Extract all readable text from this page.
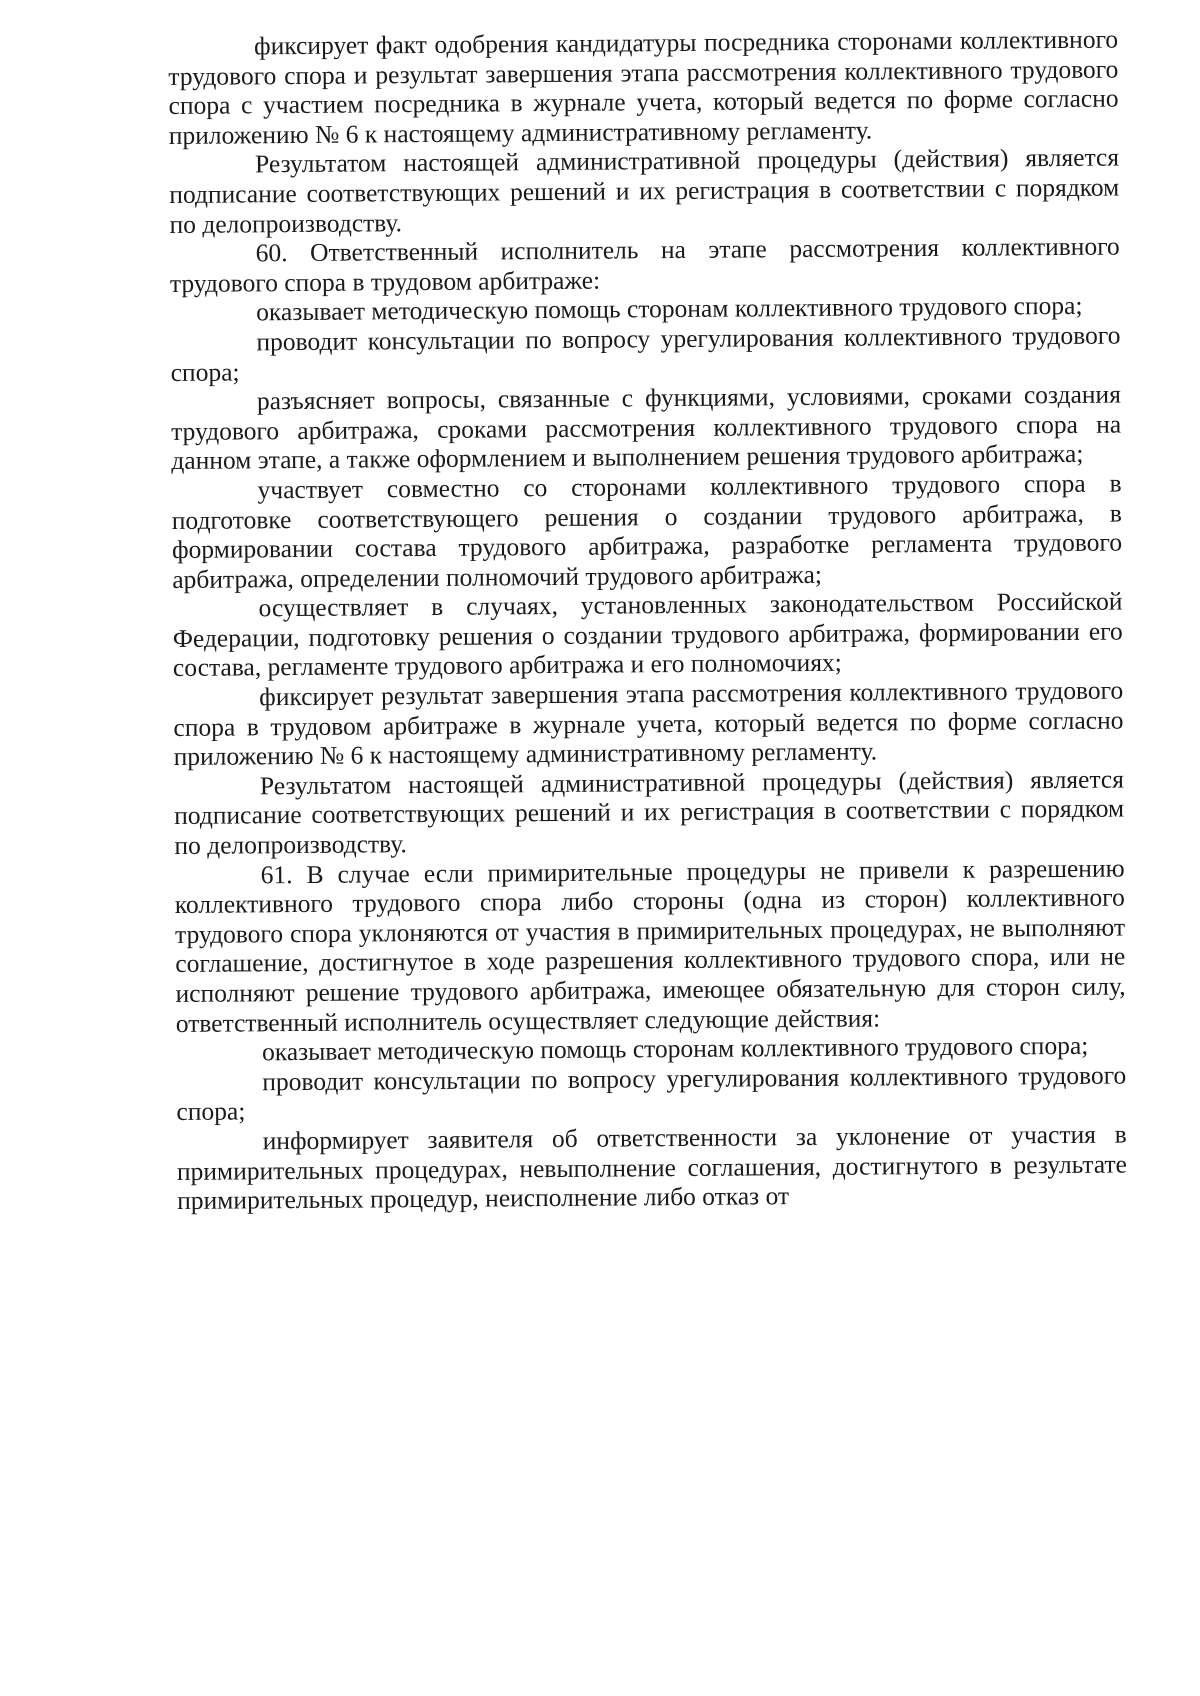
фиксирует факт одобрения кандидатуры посредника сторонами коллективного трудового спора и результат завершения этапа рассмотрения коллективного трудового спора с участием посредника в журнале учета, который ведется по форме согласно приложению № 6 к настоящему административному регламенту.

Результатом настоящей административной процедуры (действия) является подписание соответствующих решений и их регистрация в соответствии с порядком по делопроизводству.

60. Ответственный исполнитель на этапе рассмотрения коллективного трудового спора в трудовом арбитраже:

оказывает методическую помощь сторонам коллективного трудового спора;

проводит консультации по вопросу урегулирования коллективного трудового спора;

разъясняет вопросы, связанные с функциями, условиями, сроками создания трудового арбитража, сроками рассмотрения коллективного трудового спора на данном этапе, а также оформлением и выполнением решения трудового арбитража;

участвует совместно со сторонами коллективного трудового спора в подготовке соответствующего решения о создании трудового арбитража, в формировании состава трудового арбитража, разработке регламента трудового арбитража, определении полномочий трудового арбитража;

осуществляет в случаях, установленных законодательством Российской Федерации, подготовку решения о создании трудового арбитража, формировании его состава, регламенте трудового арбитража и его полномочиях;

фиксирует результат завершения этапа рассмотрения коллективного трудового спора в трудовом арбитраже в журнале учета, который ведется по форме согласно приложению № 6 к настоящему административному регламенту.

Результатом настоящей административной процедуры (действия) является подписание соответствующих решений и их регистрация в соответствии с порядком по делопроизводству.

61. В случае если примирительные процедуры не привели к разрешению коллективного трудового спора либо стороны (одна из сторон) коллективного трудового спора уклоняются от участия в примирительных процедурах, не выполняют соглашение, достигнутое в ходе разрешения коллективного трудового спора, или не исполняют решение трудового арбитража, имеющее обязательную для сторон силу, ответственный исполнитель осуществляет следующие действия:

оказывает методическую помощь сторонам коллективного трудового спора;

проводит консультации по вопросу урегулирования коллективного трудового спора;

информирует заявителя об ответственности за уклонение от участия в примирительных процедурах, невыполнение соглашения, достигнутого в результате примирительных процедур, неисполнение либо отказ от
